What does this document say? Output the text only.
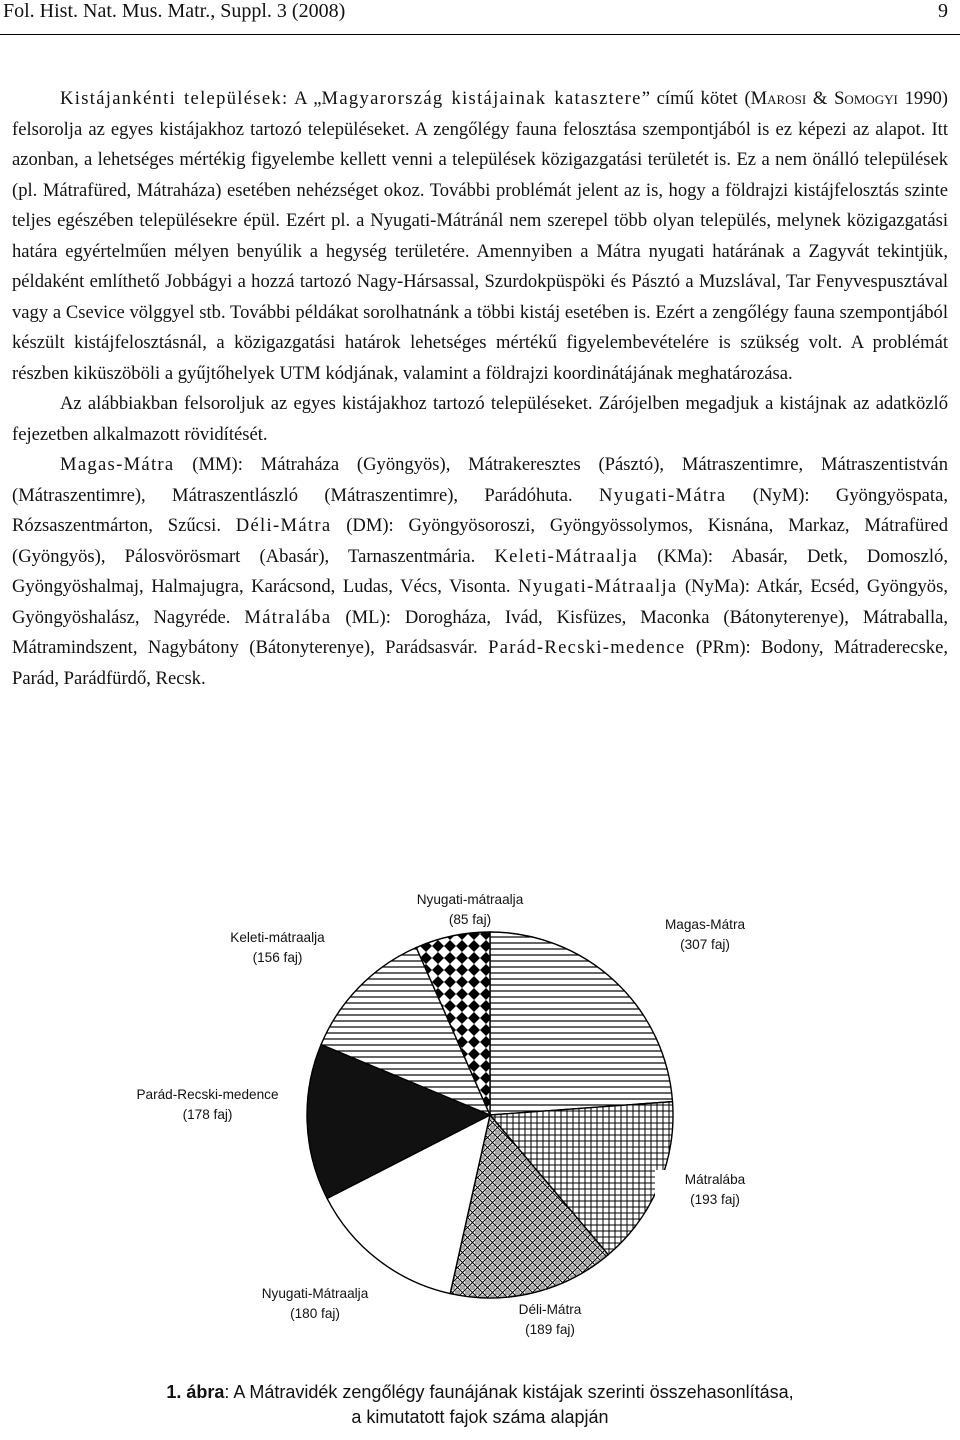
Fol. Hist. Nat. Mus. Matr., Suppl. 3 (2008)	9

Kistájankénti települések: A „Magyarország kistájainak katasztere” című kötet (Marosi & Somogyi 1990) felsorolja az egyes kistájakhoz tartozó településeket. A zengőlégy fauna felosztása szempontjából is ez képezi az alapot. Itt azonban, a lehetséges mértékig figyelembe kellett venni a települések közigazgatási területét is. Ez a nem önálló települések (pl. Mátrafüred, Mátraháza) esetében nehézséget okoz. További problémát jelent az is, hogy a földrajzi kistájfelosztás szinte teljes egészében településekre épül. Ezért pl. a Nyugati-Mátránál nem szerepel több olyan település, melynek közigazgatási határa egyértelműen mélyen benyúlik a hegység területére. Amennyiben a Mátra nyugati határának a Zagyvát tekintjük, példaként említhető Jobbágyi a hozzá tartozó Nagy-Hársassal, Szurdokpüspöki és Pásztó a Muzslával, Tar Fenyvespusztával vagy a Csevice völggyel stb. További példákat sorolhatnánk a többi kistáj esetében is. Ezért a zengőlégy fauna szempontjából készült kistájfelosztásnál, a közigazgatási határok lehetséges mértékű figyelembevételére is szükség volt. A problémát részben kiküszöböli a gyűjtőhelyek UTM kódjának, valamint a földrajzi koordinátájának meghatározása.

Az alábbiakban felsoroljuk az egyes kistájakhoz tartozó településeket. Zárójelben megadjuk a kistájnak az adatközlő fejezetben alkalmazott rövidítését.

Magas-Mátra (MM): Mátraháza (Gyöngyös), Mátrakeresztes (Pásztó), Mátraszentimre, Mátraszentistván (Mátraszentimre), Mátraszentlászló (Mátraszentimre), Parádóhuta. Nyugati-Mátra (NyM): Gyöngyöspata, Rózsaszentmárton, Szűcsi. Déli-Mátra (DM): Gyöngyösoroszi, Gyöngyössolymos, Kisnána, Markaz, Mátrafüred (Gyöngyös), Pálosvörösmart (Abasár), Tarnaszentmária. Keleti-Mátraalja (KMa): Abasár, Detk, Domoszló, Gyöngyöshalmaj, Halmajugra, Karácsond, Ludas, Vécs, Visonta. Nyugati-Mátraalja (NyMa): Atkár, Ecséd, Gyöngyös, Gyöngyöshalász, Nagyréde. Mátralába (ML): Dorogháza, Ivád, Kisfüzes, Maconka (Bátonyterenye), Mátraballa, Mátramindszent, Nagybátony (Bátonyterenye), Parádsasvár. Parád-Recski-medence (PRm): Bodony, Mátraderecske, Parád, Parádfürdő, Recsk.

Magas-Mátra
(307 faj)
Mátralába
(193 faj)
Déli-Mátra
(189 faj)
Nyugati-Mátraalja
(180 faj)
Parád-Recski-medence
(178 faj)
Keleti-mátraalja
(156 faj)
Nyugati-mátraalja
(85 faj)
1. ábra: A Mátravidék zengőlégy faunájának kistájak szerinti összehasonlítása,
a kimutatott fajok száma alapján
